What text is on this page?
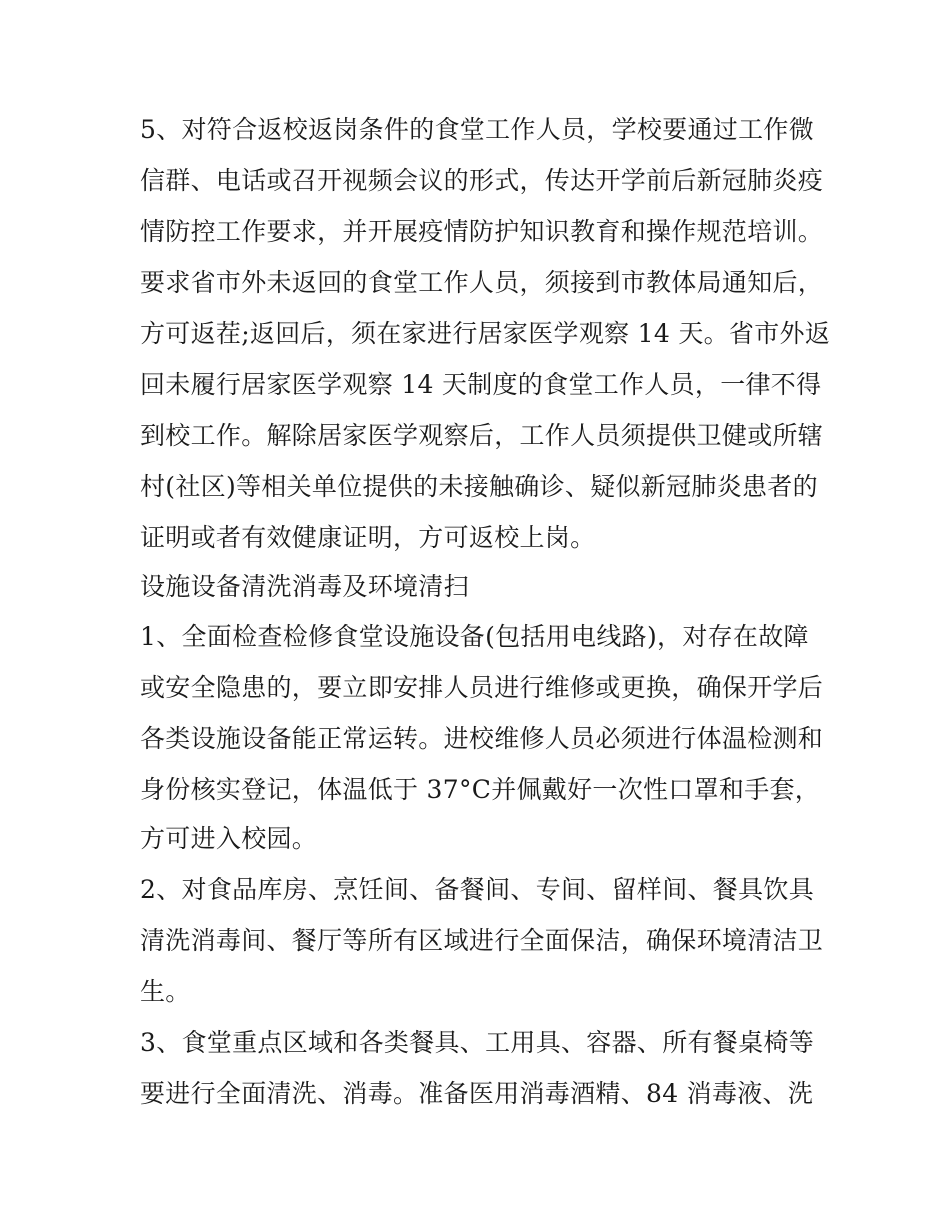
5、对符合返校返岗条件的食堂工作人员，学校要通过工作微
信群、电话或召开视频会议的形式，传达开学前后新冠肺炎疫
情防控工作要求，并开展疫情防护知识教育和操作规范培训。
要求省市外未返回的食堂工作人员，须接到市教体局通知后，
方可返茬;返回后，须在家进行居家医学观察 14 天。省市外返
回未履行居家医学观察 14 天制度的食堂工作人员，一律不得
到校工作。解除居家医学观察后，工作人员须提供卫健或所辖
村(社区)等相关单位提供的未接触确诊、疑似新冠肺炎患者的
证明或者有效健康证明，方可返校上岗。
设施设备清洗消毒及环境清扫
1、全面检查检修食堂设施设备(包括用电线路)，对存在故障
或安全隐患的，要立即安排人员进行维修或更换，确保开学后
各类设施设备能正常运转。进校维修人员必须进行体温检测和
身份核实登记，体温低于 37°C并佩戴好一次性口罩和手套，
方可进入校园。
2、对食品库房、烹饪间、备餐间、专间、留样间、餐具饮具
清洗消毒间、餐厅等所有区域进行全面保洁，确保环境清洁卫
生。
3、食堂重点区域和各类餐具、工用具、容器、所有餐桌椅等
要进行全面清洗、消毒。准备医用消毒酒精、84 消毒液、洗
